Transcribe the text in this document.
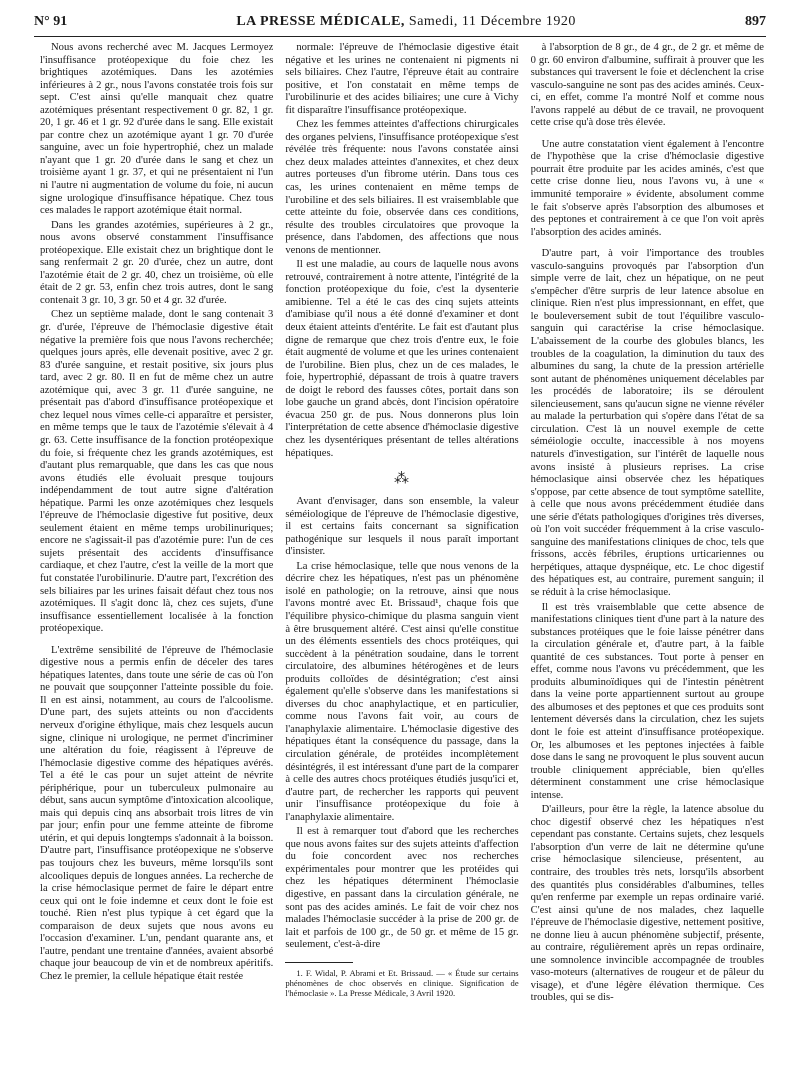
N° 91	LA PRESSE MÉDICALE, Samedi, 11 Décembre 1920	897

Nous avons recherché avec M. Jacques Lermoyez l'insuffisance protéopexique du foie chez les brightiques azotémiques. Dans les azotémies inférieures à 2 gr., nous l'avons constatée trois fois sur sept. C'est ainsi qu'elle manquait chez quatre azotémiques présentant respectivement 0 gr. 82, 1 gr. 20, 1 gr. 46 et 1 gr. 92 d'urée dans le sang. Elle existait par contre chez un azotémique ayant 1 gr. 70 d'urée sanguine, avec un foie hypertrophié, chez un malade n'ayant que 1 gr. 20 d'urée dans le sang et chez un troisième ayant 1 gr. 37, et qui ne présentaient ni l'un ni l'autre ni augmentation de volume du foie, ni aucun signe urologique d'insuffisance hépatique. Chez tous ces malades le rapport azotémique était normal.

Dans les grandes azotémies, supérieures à 2 gr., nous avons observé constamment l'insuffisance protéopexique. Elle existait chez un brightique dont le sang renfermait 2 gr. 20 d'urée, chez un autre, dont l'azotémie était de 2 gr. 40, chez un troisième, où elle était de 2 gr. 53, enfin chez trois autres, dont le sang contenait 3 gr. 10, 3 gr. 50 et 4 gr. 32 d'urée.

Chez un septième malade, dont le sang contenait 3 gr. d'urée, l'épreuve de l'hémoclasie digestive était négative la première fois que nous l'avons recherchée; quelques jours après, elle devenait positive, avec 2 gr. 83 d'urée sanguine, et restait positive, six jours plus tard, avec 2 gr. 80. Il en fut de même chez un autre azotémique qui, avec 3 gr. 11 d'urée sanguine, ne présentait pas d'abord d'insuffisance protéopexique et chez lequel nous vîmes celle-ci apparaître et persister, en même temps que le taux de l'azotémie s'élevait à 4 gr. 63. Cette insuffisance de la fonction protéopexique du foie, si fréquente chez les grands azotémiques, est d'autant plus remarquable, que dans les cas que nous avons étudiés elle évoluait presque toujours indépendamment de tout autre signe d'altération hépatique. Parmi les onze azotémiques chez lesquels l'épreuve de l'hémoclasie digestive fut positive, deux seulement étaient en même temps urobilinuriques; encore ne s'agissait-il pas d'azotémie pure: l'un de ces sujets présentait des accidents d'insuffisance cardiaque, et chez l'autre, c'est la veille de la mort que fut constatée l'urobilinurie. D'autre part, l'excrétion des sels biliaires par les urines faisait défaut chez tous nos azotémiques. Il s'agit donc là, chez ces sujets, d'une insuffisance essentiellement localisée à la fonction protéopexique.

L'extrême sensibilité de l'épreuve de l'hémoclasie digestive nous a permis enfin de déceler des tares hépatiques latentes, dans toute une série de cas où l'on ne pouvait que soupçonner l'atteinte possible du foie. Il en est ainsi, notamment, au cours de l'alcoolisme. D'une part, des sujets atteints ou non d'accidents nerveux d'origine éthylique, mais chez lesquels aucun signe, clinique ni urologique, ne permet d'incriminer une altération du foie, réagissent à l'épreuve de l'hémoclasie digestive comme des hépatiques avérés. Tel a été le cas pour un sujet atteint de névrite périphérique, pour un tuberculeux pulmonaire au début, sans aucun symptôme d'intoxication alcoolique, mais qui depuis cinq ans absorbait trois litres de vin par jour; enfin pour une femme atteinte de fibrome utérin, et qui depuis longtemps s'adonnait à la boisson. D'autre part, l'insuffisance protéopexique ne s'observe pas toujours chez les buveurs, même lorsqu'ils sont alcooliques depuis de longues années. La recherche de la crise hémoclasique permet de faire le départ entre ceux qui ont le foie indemne et ceux dont le foie est touché. Rien n'est plus typique à cet égard que la comparaison de deux sujets que nous avons eu l'occasion d'examiner. L'un, pendant quarante ans, et l'autre, pendant une trentaine d'années, avaient absorbé chaque jour beaucoup de vin et de nombreux apéritifs. Chez le premier, la cellule hépatique était restée

normale: l'épreuve de l'hémoclasie digestive était négative et les urines ne contenaient ni pigments ni sels biliaires. Chez l'autre, l'épreuve était au contraire positive, et l'on constatait en même temps de l'urobilinurie et des acides biliaires; une cure à Vichy fit disparaître l'insuffisance protéopexique.

Chez les femmes atteintes d'affections chirurgicales des organes pelviens, l'insuffisance protéopexique s'est révélée très fréquente: nous l'avons constatée ainsi chez deux malades atteintes d'annexites, et chez deux autres porteuses d'un fibrome utérin. Dans tous ces cas, les urines contenaient en même temps de l'urobiline et des sels biliaires. Il est vraisemblable que cette atteinte du foie, observée dans ces conditions, résulte des troubles circulatoires que provoque la présence, dans l'abdomen, des affections que nous venons de mentionner.

Il est une maladie, au cours de laquelle nous avons retrouvé, contrairement à notre attente, l'intégrité de la fonction protéopexique du foie, c'est la dysenterie amibienne. Tel a été le cas des cinq sujets atteints d'amibiase qu'il nous a été donné d'examiner et dont deux étaient atteints d'entérite. Le fait est d'autant plus digne de remarque que chez trois d'entre eux, le foie était augmenté de volume et que les urines contenaient de l'urobiline. Bien plus, chez un de ces malades, le foie, hypertrophié, dépassant de trois à quatre travers de doigt le rebord des fausses côtes, portait dans son lobe gauche un grand abcès, dont l'incision opératoire évacua 250 gr. de pus. Nous donnerons plus loin l'interprétation de cette absence d'hémoclasie digestive chez les dysentériques présentant de telles altérations hépatiques.

⁂

Avant d'envisager, dans son ensemble, la valeur séméiologique de l'épreuve de l'hémoclasie digestive, il est certains faits concernant sa signification pathogénique sur lesquels il nous paraît important d'insister.

La crise hémoclasique, telle que nous venons de la décrire chez les hépatiques, n'est pas un phénomène isolé en pathologie; on la retrouve, ainsi que nous l'avons montré avec Et. Brissaud¹, chaque fois que l'équilibre physico-chimique du plasma sanguin vient à être brusquement altéré. C'est ainsi qu'elle constitue un des éléments essentiels des chocs protéiques, qui succèdent à la pénétration soudaine, dans le torrent circulatoire, des albumines hétérogènes et de leurs produits colloïdes de désintégration; c'est ainsi également qu'elle s'observe dans les manifestations si diverses du choc anaphylactique, et en particulier, comme nous l'avons fait voir, au cours de l'anaphylaxie alimentaire. L'hémoclasie digestive des hépatiques étant la conséquence du passage, dans la circulation générale, de protéides incomplètement désintégrés, il est intéressant d'une part de la comparer à celle des autres chocs protéiques étudiés jusqu'ici et, d'autre part, de rechercher les rapports qui peuvent unir l'insuffisance protéopexique du foie à l'anaphylaxie alimentaire.

Il est à remarquer tout d'abord que les recherches que nous avons faites sur des sujets atteints d'affection du foie concordent avec nos recherches expérimentales pour montrer que les protéides qui chez les hépatiques déterminent l'hémoclasie digestive, en passant dans la circulation générale, ne sont pas des acides aminés. Le fait de voir chez nos malades l'hémoclasie succéder à la prise de 200 gr. de lait et parfois de 100 gr., de 50 gr. et même de 15 gr. seulement, c'est-à-dire

1. F. Widal, P. Abrami et Et. Brissaud. — « Étude sur certains phénomènes de choc observés en clinique. Signification de l'hémoclasie ». La Presse Médicale, 3 Avril 1920.

à l'absorption de 8 gr., de 4 gr., de 2 gr. et même de 0 gr. 60 environ d'albumine, suffirait à prouver que les substances qui traversent le foie et déclenchent la crise vasculo-sanguine ne sont pas des acides aminés. Ceux-ci, en effet, comme l'a montré Nolf et comme nous l'avons rappelé au début de ce travail, ne provoquent cette crise qu'à dose très élevée.

Une autre constatation vient également à l'encontre de l'hypothèse que la crise d'hémoclasie digestive pourrait être produite par les acides aminés, c'est que cette crise donne lieu, nous l'avons vu, à une « immunité temporaire » évidente, absolument comme le fait s'observe après l'absorption des albumoses et des peptones et contrairement à ce que l'on voit après l'absorption des acides aminés.

D'autre part, à voir l'importance des troubles vasculo-sanguins provoqués par l'absorption d'un simple verre de lait, chez un hépatique, on ne peut s'empêcher d'être surpris de leur latence absolue en clinique. Rien n'est plus impressionnant, en effet, que le bouleversement subit de tout l'équilibre vasculo-sanguin qui caractérise la crise hémoclasique. L'abaissement de la courbe des globules blancs, les troubles de la coagulation, la diminution du taux des albumines du sang, la chute de la pression artérielle sont autant de phénomènes uniquement décelables par les procédés de laboratoire; ils se déroulent silencieusement, sans qu'aucun signe ne vienne révéler au malade la perturbation qui s'opère dans l'état de sa circulation. C'est là un nouvel exemple de cette séméiologie occulte, inaccessible à nos moyens naturels d'investigation, sur l'intérêt de laquelle nous avons insisté à plusieurs reprises. La crise hémoclasique ainsi observée chez les hépatiques s'oppose, par cette absence de tout symptôme satellite, à celle que nous avons précédemment étudiée dans une série d'états pathologiques d'origines très diverses, où l'on voit succéder fréquemment à la crise vasculo-sanguine des manifestations cliniques de choc, tels que frissons, accès fébriles, éruptions urticariennes ou herpétiques, attaque dyspnéique, etc. Le choc digestif des hépatiques est, au contraire, purement sanguin; il se réduit à la crise hémoclasique.

Il est très vraisemblable que cette absence de manifestations cliniques tient d'une part à la nature des substances protéiques que le foie laisse pénétrer dans la circulation générale et, d'autre part, à la faible quantité de ces substances. Tout porte à penser en effet, comme nous l'avons vu précédemment, que les produits albuminoïdiques qui de l'intestin pénètrent dans la veine porte appartiennent surtout au groupe des albumoses et des peptones et que ces produits sont lentement déversés dans la circulation, chez les sujets dont le foie est atteint d'insuffisance protéopexique. Or, les albumoses et les peptones injectées à faible dose dans le sang ne provoquent le plus souvent aucun trouble cliniquement appréciable, bien qu'elles déterminent constamment une crise hémoclasique intense.

D'ailleurs, pour être la règle, la latence absolue du choc digestif observé chez les hépatiques n'est cependant pas constante. Certains sujets, chez lesquels l'absorption d'un verre de lait ne détermine qu'une crise hémoclasique silencieuse, présentent, au contraire, des troubles très nets, lorsqu'ils absorbent des quantités plus considérables d'albumines, telles qu'en renferme par exemple un repas ordinaire varié. C'est ainsi qu'une de nos malades, chez laquelle l'épreuve de l'hémoclasie digestive, nettement positive, ne donne lieu à aucun phénomène subjectif, présente, au contraire, régulièrement après un repas ordinaire, une somnolence invincible accompagnée de troubles vaso-moteurs (alternatives de rougeur et de pâleur du visage), et d'une légère élévation thermique. Ces troubles, qui se dis-
